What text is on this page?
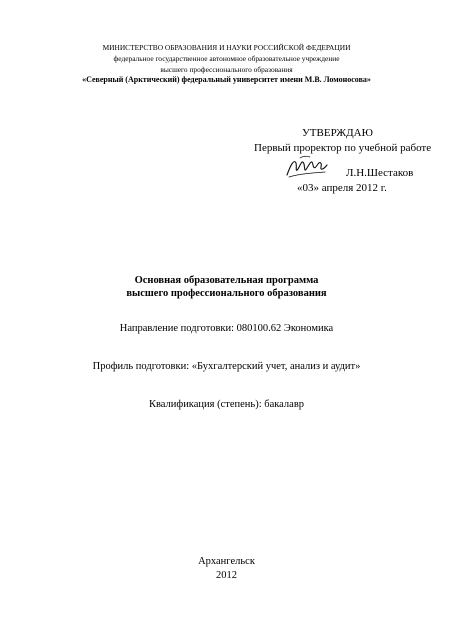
МИНИСТЕРСТВО ОБРАЗОВАНИЯ И НАУКИ РОССИЙСКОЙ ФЕДЕРАЦИИ
федеральное государственное автономное образовательное учреждение
высшего профессионального образования
«Северный (Арктический) федеральный университет имени М.В. Ломоносова»
УТВЕРЖДАЮ
Первый проректор по учебной работе
Л.Н.Шестаков
«03» апреля 2012 г.
Основная образовательная программа
высшего профессионального образования
Направление подготовки: 080100.62 Экономика
Профиль подготовки: «Бухгалтерский учет, анализ и аудит»
Квалификация (степень): бакалавр
Архангельск
2012
